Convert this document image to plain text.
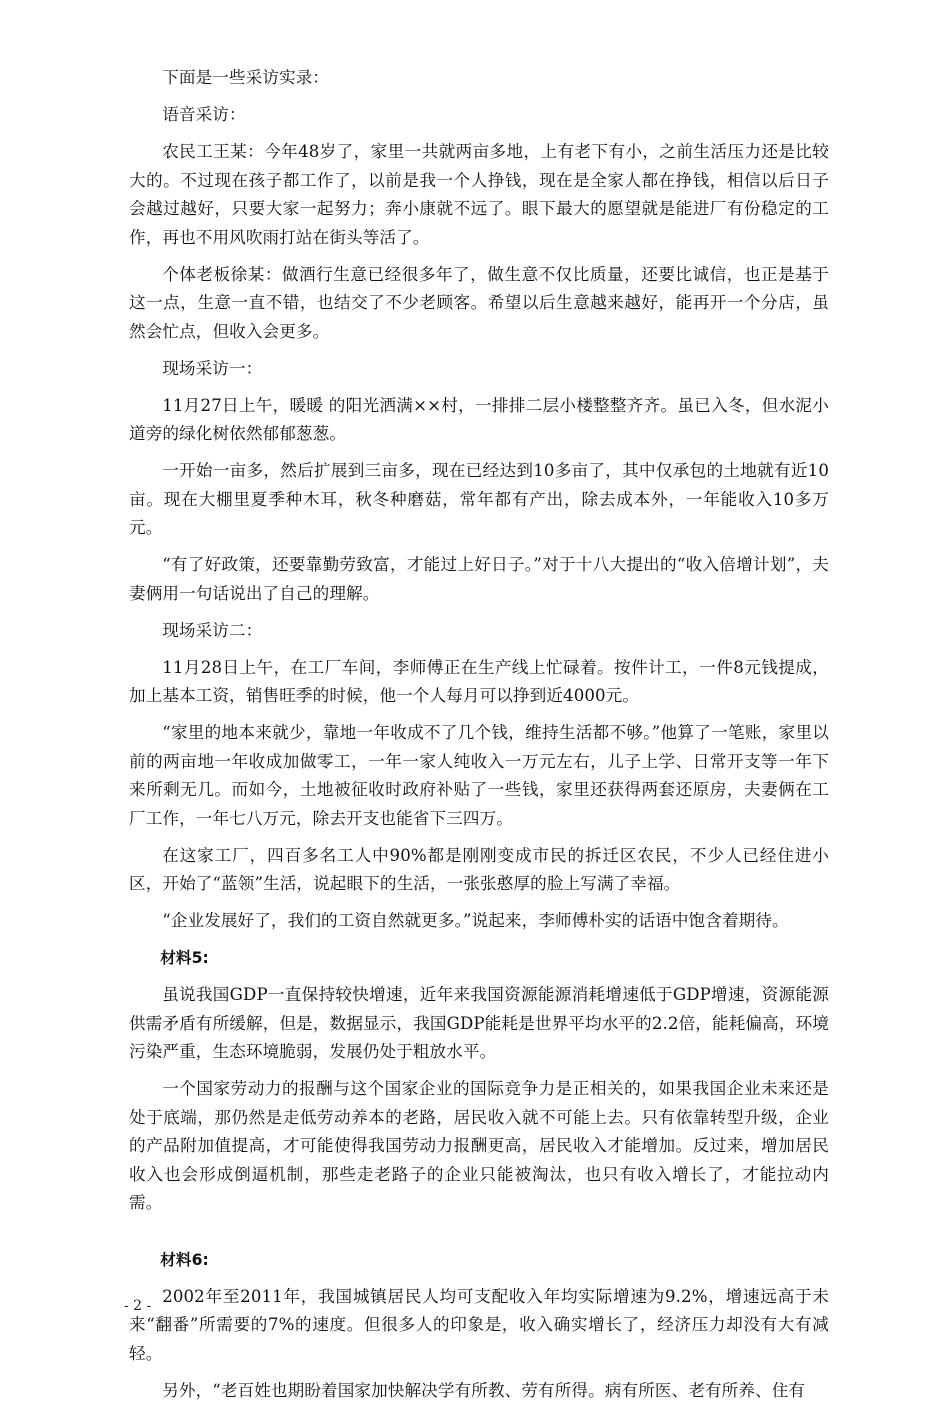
下面是一些采访实录：

语音采访：

农民工王某：今年48岁了，家里一共就两亩多地，上有老下有小，之前生活压力还是比较大的。不过现在孩子都工作了，以前是我一个人挣钱，现在是全家人都在挣钱，相信以后日子会越过越好，只要大家一起努力；奔小康就不远了。眼下最大的愿望就是能进厂有份稳定的工作，再也不用风吹雨打站在街头等活了。

个体老板徐某：做酒行生意已经很多年了，做生意不仅比质量，还要比诚信，也正是基于这一点，生意一直不错，也结交了不少老顾客。希望以后生意越来越好，能再开一个分店，虽然会忙点，但收入会更多。

现场采访一：

11月27日上午，暖暖 的阳光洒满××村，一排排二层小楼整整齐齐。虽已入冬，但水泥小道旁的绿化树依然郁郁葱葱。

一开始一亩多，然后扩展到三亩多，现在已经达到10多亩了，其中仅承包的土地就有近10亩。现在大棚里夏季种木耳，秋冬种磨菇，常年都有产出，除去成本外，一年能收入10多万元。

“有了好政策，还要靠勤劳致富，才能过上好日子。”对于十八大提出的“收入倍增计划”，夫妻俩用一句话说出了自己的理解。

现场采访二：

11月28日上午，在工厂车间，李师傅正在生产线上忙碌着。按件计工，一件8元钱提成，加上基本工资，销售旺季的时候，他一个人每月可以挣到近4000元。

“家里的地本来就少，靠地一年收成不了几个钱，维持生活都不够。”他算了一笔账，家里以前的两亩地一年收成加做零工，一年一家人纯收入一万元左右，儿子上学、日常开支等一年下来所剩无几。而如今，土地被征收时政府补贴了一些钱，家里还获得两套还原房，夫妻俩在工厂工作，一年七八万元，除去开支也能省下三四万。

在这家工厂，四百多名工人中90%都是刚刚变成市民的拆迁区农民，不少人已经住进小区，开始了“蓝领”生活，说起眼下的生活，一张张憨厚的脸上写满了幸福。

“企业发展好了，我们的工资自然就更多。”说起来，李师傅朴实的话语中饱含着期待。

材料5:

虽说我国GDP一直保持较快增速，近年来我国资源能源消耗增速低于GDP增速，资源能源供需矛盾有所缓解，但是，数据显示，我国GDP能耗是世界平均水平的2.2倍，能耗偏高，环境污染严重，生态环境脆弱，发展仍处于粗放水平。

一个国家劳动力的报酬与这个国家企业的国际竞争力是正相关的，如果我国企业未来还是处于底端，那仍然是走低劳动养本的老路，居民收入就不可能上去。只有依靠转型升级，企业的产品附加值提高，才可能使得我国劳动力报酬更高，居民收入才能增加。反过来，增加居民收入也会形成倒逼机制，那些走老路子的企业只能被淘汰，也只有收入增长了，才能拉动内需。

材料6:

2002年至2011年，我国城镇居民人均可支配收入年均实际增速为9.2%，增速远高于未来“翻番”所需要的7%的速度。但很多人的印象是，收入确实增长了，经济压力却没有大有减轻。

另外，“老百姓也期盼着国家加快解决学有所教、劳有所得。病有所医、老有所养、住有

- 2 -
